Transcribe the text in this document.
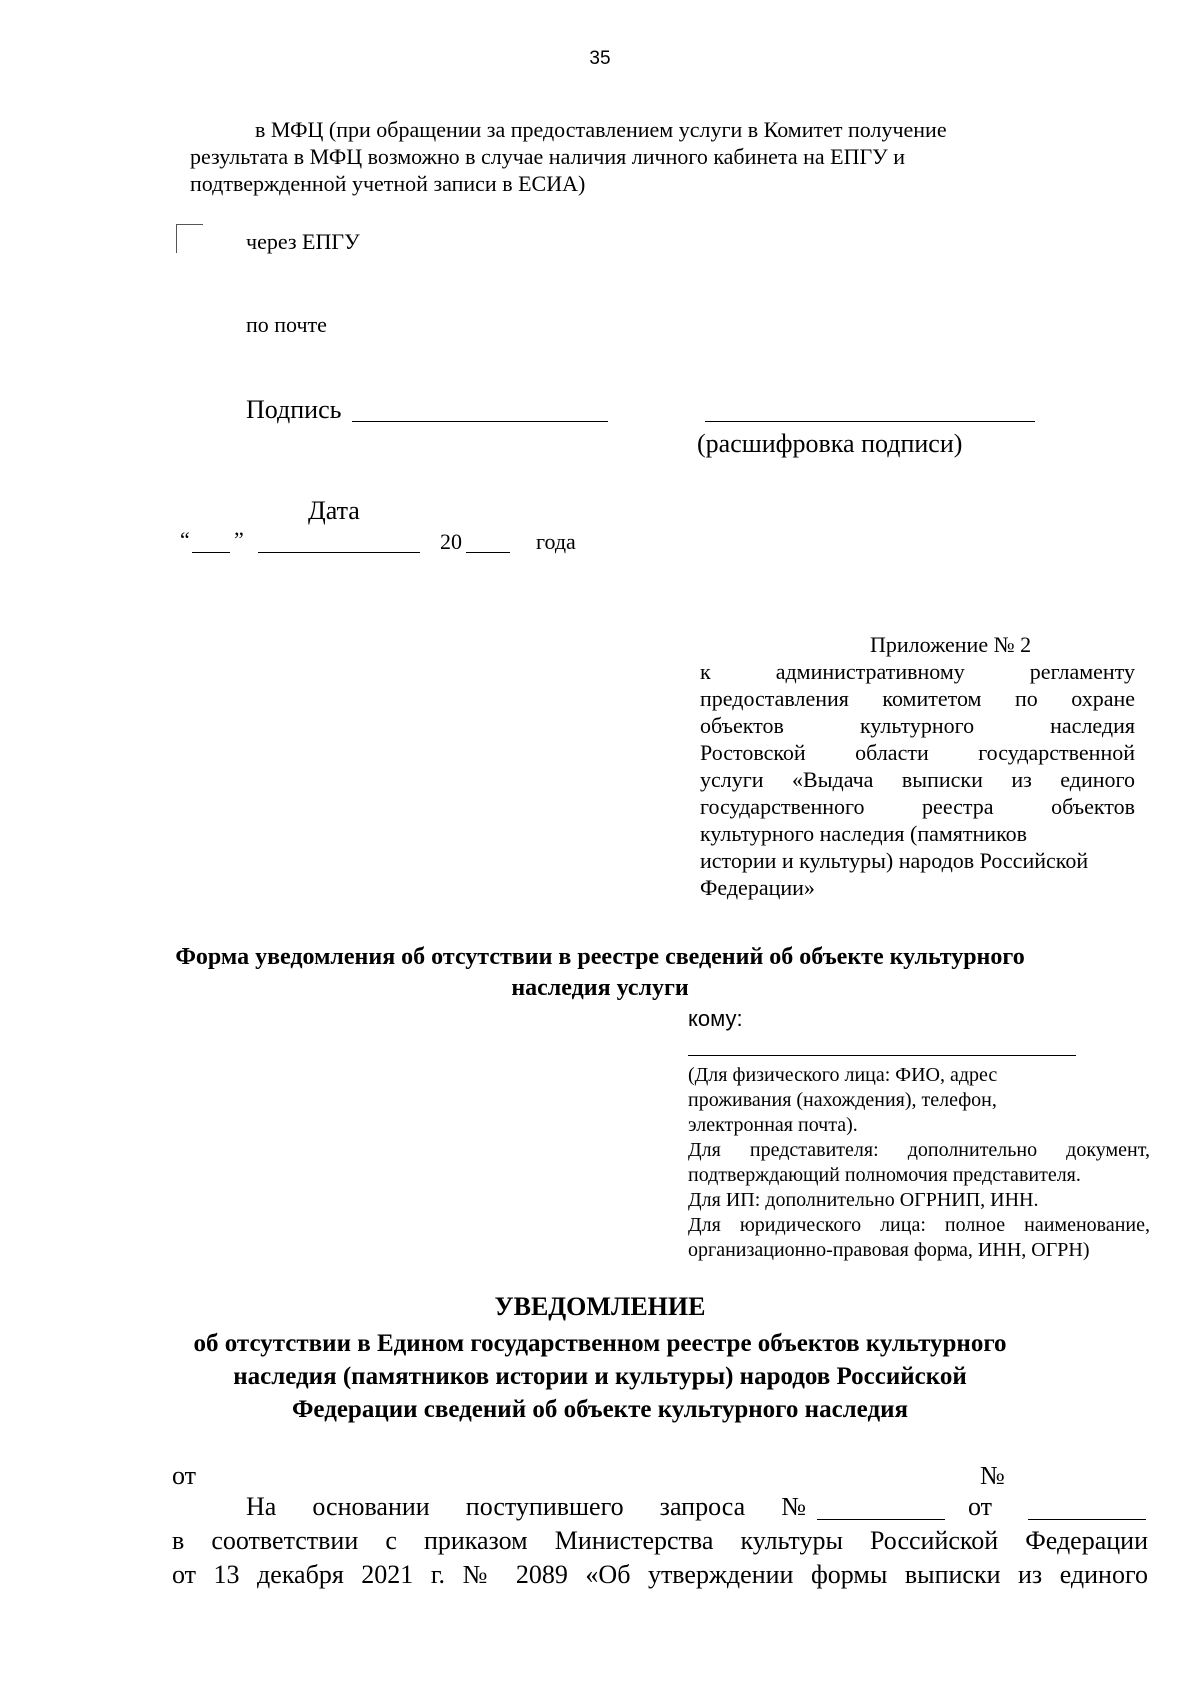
35
в МФЦ (при обращении за предоставлением услуги в Комитет получение
результата в МФЦ возможно в случае наличия личного кабинета на ЕПГУ и
подтвержденной учетной записи в ЕСИА)
через ЕПГУ
по почте
Подпись
(расшифровка подписи)
Дата
“ ”	20	года
Приложение № 2
к административному регламенту
предоставления комитетом по охране
объектов культурного наследия
Ростовской области государственной
услуги «Выдача выписки из единого
государственного реестра объектов
культурного наследия (памятников
истории и культуры) народов Российской
Федерации»
Форма уведомления об отсутствии в реестре сведений об объекте культурного
наследия услуги
кому:
(Для физического лица: ФИО, адрес
проживания (нахождения), телефон,
электронная почта).
Для представителя: дополнительно документ,
подтверждающий полномочия представителя.
Для ИП: дополнительно ОГРНИП, ИНН.
Для юридического лица: полное наименование,
организационно-правовая форма, ИНН, ОГРН)
УВЕДОМЛЕНИЕ
об отсутствии в Едином государственном реестре объектов культурного
наследия (памятников истории и культуры) народов Российской
Федерации сведений об объекте культурного наследия
от	№
На основании поступившего запроса №	от
в соответствии с приказом Министерства культуры Российской Федерации
от 13 декабря 2021 г. № 2089 «Об утверждении формы выписки из единого
